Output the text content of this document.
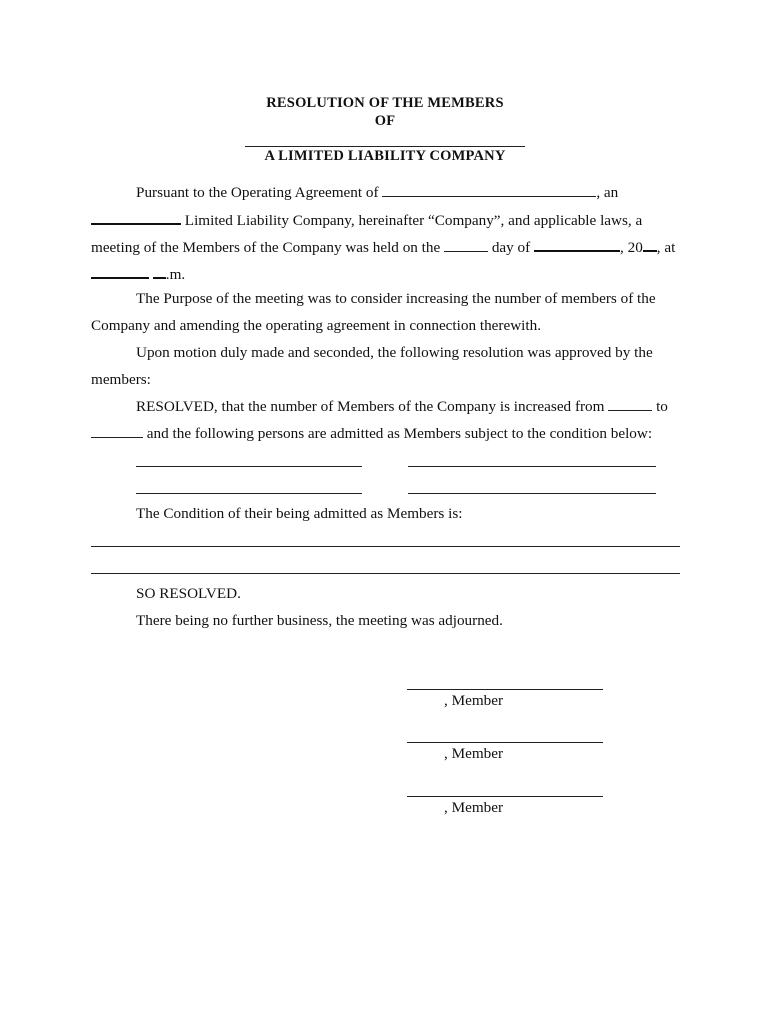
RESOLUTION OF THE MEMBERS
OF
A LIMITED LIABILITY COMPANY
Pursuant to the Operating Agreement of	, an
Limited Liability Company, hereinafter “Company”, and applicable laws, a
meeting of the Members of the Company was held on the	day of	, 20 , at
.m.
The Purpose of the meeting was to consider increasing the number of members of the
Company and amending the operating agreement in connection therewith.
Upon motion duly made and seconded, the following resolution was approved by the
members:
RESOLVED, that the number of Members of the Company is increased from	to
and the following persons are admitted as Members subject to the condition below:
The Condition of their being admitted as Members is:
SO RESOLVED.
There being no further business, the meeting was adjourned.
, Member
, Member
, Member
